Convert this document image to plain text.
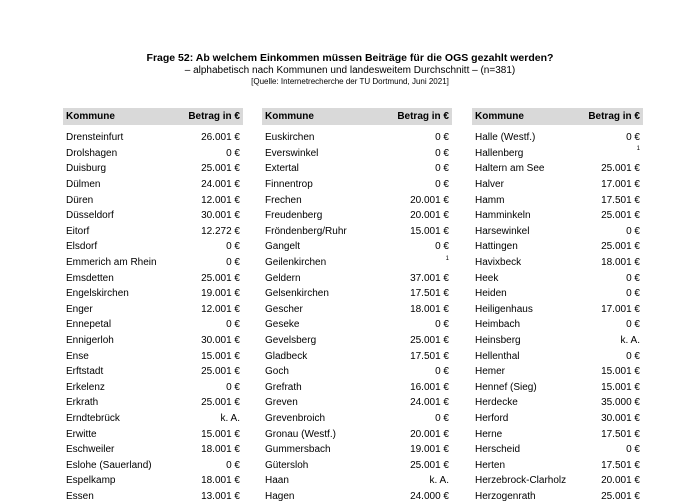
Frage 52: Ab welchem Einkommen müssen Beiträge für die OGS gezahlt werden?
– alphabetisch nach Kommunen und landesweitem Durchschnitt – (n=381)
[Quelle: Internetrecherche der TU Dortmund, Juni 2021]
Kommune	Betrag in €
Drensteinfurt	26.001 €
Drolshagen	0 €
Duisburg	25.001 €
Dülmen	24.001 €
Düren	12.001 €
Düsseldorf	30.001 €
Eitorf	12.272 €
Elsdorf	0 €
Emmerich am Rhein	0 €
Emsdetten	25.001 €
Engelskirchen	19.001 €
Enger	12.001 €
Ennepetal	0 €
Ennigerloh	30.001 €
Ense	15.001 €
Erftstadt	25.001 €
Erkelenz	0 €
Erkrath	25.001 €
Erndtebrück	k. A.
Erwitte	15.001 €
Eschweiler	18.001 €
Eslohe (Sauerland)	0 €
Espelkamp	18.001 €
Essen	13.001 €
Kommune	Betrag in €
Euskirchen	0 €
Everswinkel	0 €
Extertal	0 €
Finnentrop	0 €
Frechen	20.001 €
Freudenberg	20.001 €
Fröndenberg/Ruhr	15.001 €
Gangelt	0 €
Geilenkirchen	1
Geldern	37.001 €
Gelsenkirchen	17.501 €
Gescher	18.001 €
Geseke	0 €
Gevelsberg	25.001 €
Gladbeck	17.501 €
Goch	0 €
Grefrath	16.001 €
Greven	24.001 €
Grevenbroich	0 €
Gronau (Westf.)	20.001 €
Gummersbach	19.001 €
Gütersloh	25.001 €
Haan	k. A.
Hagen	24.000 €
Kommune	Betrag in €
Halle (Westf.)	0 €
Hallenberg	1
Haltern am See	25.001 €
Halver	17.001 €
Hamm	17.501 €
Hamminkeln	25.001 €
Harsewinkel	0 €
Hattingen	25.001 €
Havixbeck	18.001 €
Heek	0 €
Heiden	0 €
Heiligenhaus	17.001 €
Heimbach	0 €
Heinsberg	k. A.
Hellenthal	0 €
Hemer	15.001 €
Hennef (Sieg)	15.001 €
Herdecke	35.000 €
Herford	30.001 €
Herne	17.501 €
Herscheid	0 €
Herten	17.501 €
Herzebrock-Clarholz	20.001 €
Herzogenrath	25.001 €
